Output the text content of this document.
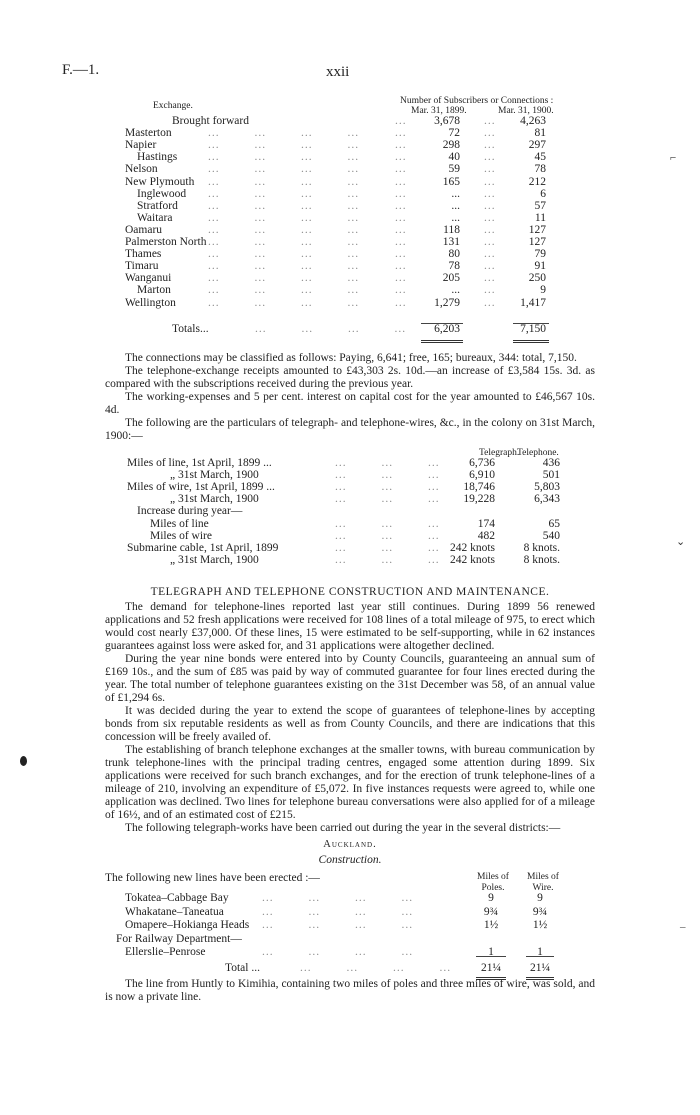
F.—1.	xxii
Exchange.	Number of Subscribers or Connections :
Mar. 31, 1899.	Mar. 31, 1900.
Brought forward	...	3,678 ...	4,263
Masterton	...         ...         ...         ...	...	72 ...	81
Napier	...         ...         ...         ...	...	298 ...	297
Hastings	...         ...         ...         ...	...	40 ...	45
Nelson	...         ...         ...         ...	...	59 ...	78
New Plymouth ...         ...         ...         ...	...	165 ...	212
Inglewood ...         ...         ...         ...	...	... ...	6
Stratford	...         ...         ...         ...	...	... ...	57
Waitara	...         ...         ...         ...	...	... ...	11
Oamaru	...         ...         ...         ...	...	118 ...	127
Palmerston North ...         ...         ...         ...	...	131 ...	127
Thames	...         ...         ...         ...	...	80 ...	79
Timaru	...         ...         ...         ...	...	78 ...	91
Wanganui	...         ...         ...         ...	...	205 ...	250
Marton	...         ...         ...         ...	...	... ...	9
Wellington	...         ...         ...         ...	...	1,279 ...	1,417
Totals...	...         ...         ...         ...	6,203	7,150

The connections may be classified as follows: Paying, 6,641; free, 165; bureaux, 344: total, 7,150.

The telephone-exchange receipts amounted to £43,303 2s. 10d.—an increase of £3,584 15s. 3d. as compared with the subscriptions received during the previous year.

The working-expenses and 5 per cent. interest on capital cost for the year amounted to £46,567 10s. 4d.

The following are the particulars of telegraph- and telephone-wires, &c., in the colony on 31st March, 1900:—

Telegraph.
Telephone.
Miles of line, 1st April, 1899 ...	...         ...         ...	6,736	436
„ 31st March, 1900	...         ...         ...	6,910	501
Miles of wire, 1st April, 1899 ...	...         ...         ...	18,746	5,803
„ 31st March, 1900	...         ...         ...	19,228	6,343
Increase during year—
Miles of line	...         ...         ...	174	65
Miles of wire	...         ...         ...	482	540
Submarine cable, 1st April, 1899	...         ...         ... 242 knots	8 knots.
„ 31st March, 1900	...         ...         ... 242 knots	8 knots.
TELEGRAPH AND TELEPHONE CONSTRUCTION AND MAINTENANCE.

The demand for telephone-lines reported last year still continues. During 1899 56 renewed applications and 52 fresh applications were received for 108 lines of a total mileage of 975, to erect which would cost nearly £37,000. Of these lines, 15 were estimated to be self-supporting, while in 62 instances guarantees against loss were asked for, and 31 applications were altogether declined.

During the year nine bonds were entered into by County Councils, guaranteeing an annual sum of £169 10s., and the sum of £85 was paid by way of commuted guarantee for four lines erected during the year. The total number of telephone guarantees existing on the 31st December was 58, of an annual value of £1,294 6s.

It was decided during the year to extend the scope of guarantees of telephone-lines by accepting bonds from six reputable residents as well as from County Councils, and there are indications that this concession will be freely availed of.

The establishing of branch telephone exchanges at the smaller towns, with bureau communication by trunk telephone-lines with the principal trading centres, engaged some attention during 1899. Six applications were received for such branch exchanges, and for the erection of trunk telephone-lines of a mileage of 210, involving an expenditure of £5,072. In five instances requests were agreed to, while one application was declined. Two lines for telephone bureau conversations were also applied for of a mileage of 16½, and of an estimated cost of £215.

The following telegraph-works have been carried out during the year in the several districts:—

Auckland.
Construction.
The following new lines have been erected :—	Miles of Poles.
Miles of Wire.
Tokatea–Cabbage Bay	...         ...         ...         ...	9	9
Whakatane–Taneatua	...         ...         ...         ...	9¾	9¾
Omapere–Hokianga Heads ...         ...         ...         ...	1½	1½
For Railway Department—
Ellerslie–Penrose	...         ...         ...         ...	1	1
Total ...	...         ...         ...         ...	21¼	21¼

The line from Huntly to Kimihia, containing two miles of poles and three miles of wire, was sold, and is now a private line.

⌐
⌄
–
